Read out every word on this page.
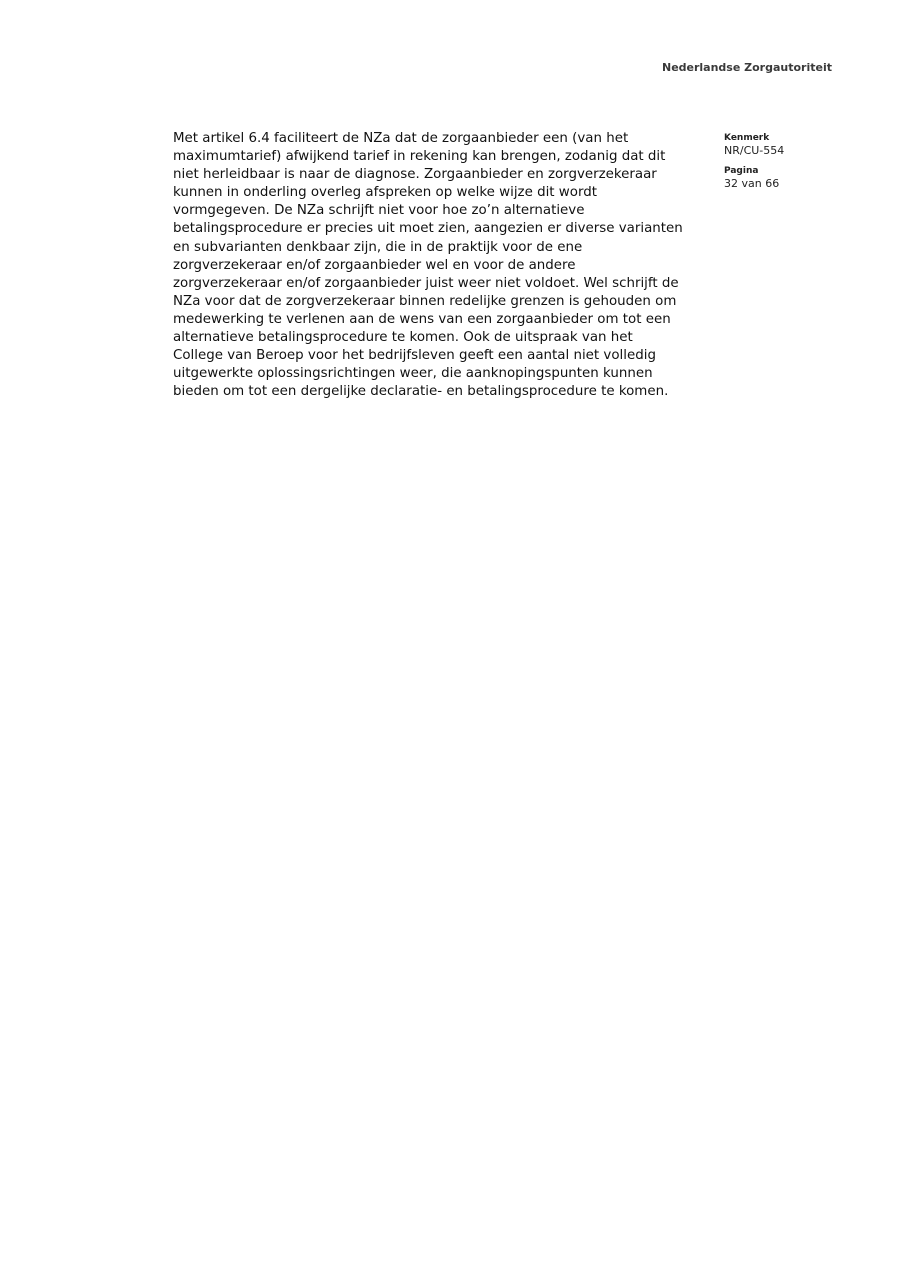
Nederlandse Zorgautoriteit

Met artikel 6.4 faciliteert de NZa dat de zorgaanbieder een (van het maximumtarief) afwijkend tarief in rekening kan brengen, zodanig dat dit niet herleidbaar is naar de diagnose. Zorgaanbieder en zorgverzekeraar kunnen in onderling overleg afspreken op welke wijze dit wordt vormgegeven. De NZa schrijft niet voor hoe zo’n alternatieve betalingsprocedure er precies uit moet zien, aangezien er diverse varianten en subvarianten denkbaar zijn, die in de praktijk voor de ene zorgverzekeraar en/of zorgaanbieder wel en voor de andere zorgverzekeraar en/of zorgaanbieder juist weer niet voldoet. Wel schrijft de NZa voor dat de zorgverzekeraar binnen redelijke grenzen is gehouden om medewerking te verlenen aan de wens van een zorgaanbieder om tot een alternatieve betalingsprocedure te komen. Ook de uitspraak van het College van Beroep voor het bedrijfsleven geeft een aantal niet volledig uitgewerkte oplossingsrichtingen weer, die aanknopingspunten kunnen bieden om tot een dergelijke declaratie- en betalingsprocedure te komen.

Kenmerk
NR/CU-554
Pagina
32 van 66
